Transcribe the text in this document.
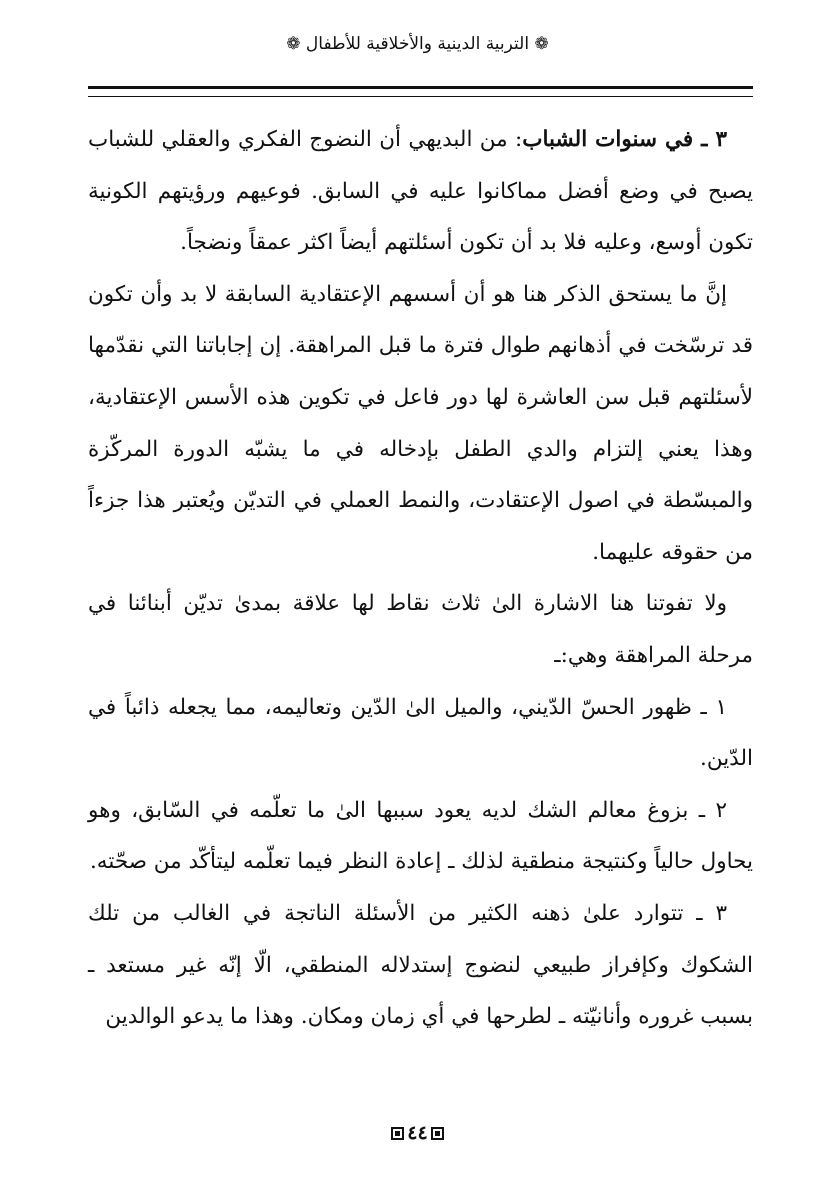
❁ التربية الدينية والأخلاقية للأطفال ❁

٣ ـ في سنوات الشباب: من البديهي أن النضوج الفكري والعقلي للشباب يصبح في وضع أفضل مماكانوا عليه في السابق. فوعيهم ورؤيتهم الكونية تكون أوسع، وعليه فلا بد أن تكون أسئلتهم أيضاً اكثر عمقاً ونضجاً.

إنَّ ما يستحق الذكر هنا هو أن أسسهم الإعتقادية السابقة لا بد وأن تكون قد ترسّخت في أذهانهم طوال فترة ما قبل المراهقة. إن إجاباتنا التي نقدّمها لأسئلتهم قبل سن العاشرة لها دور فاعل في تكوين هذه الأسس الإعتقادية، وهذا يعني إلتزام والدي الطفل بإدخاله في ما يشبّه الدورة المركّزة والمبسّطة في اصول الإعتقادت، والنمط العملي في التديّن ويُعتبر هذا جزءاً من حقوقه عليهما.

ولا تفوتنا هنا الاشارة الىٰ ثلاث نقاط لها علاقة بمدىٰ تديّن أبنائنا في مرحلة المراهقة وهي:ـ

١ ـ ظهور الحسّ الدّيني، والميل الىٰ الدّين وتعاليمه، مما يجعله ذائباً في الدّين.

٢ ـ بزوغ معالم الشك لديه يعود سببها الىٰ ما تعلّمه في السّابق، وهو يحاول حالياً وكنتيجة منطقية لذلك ـ إعادة النظر فيما تعلّمه ليتأكّد من صحّته.

٣ ـ تتوارد علىٰ ذهنه الكثير من الأسئلة الناتجة في الغالب من تلك الشكوك وكإفراز طبيعي لنضوج إستدلاله المنطقي، الّا إنّه غير مستعد ـ بسبب غروره وأنانيّته ـ لطرحها في أي زمان ومكان. وهذا ما يدعو الوالدين

٤٤
